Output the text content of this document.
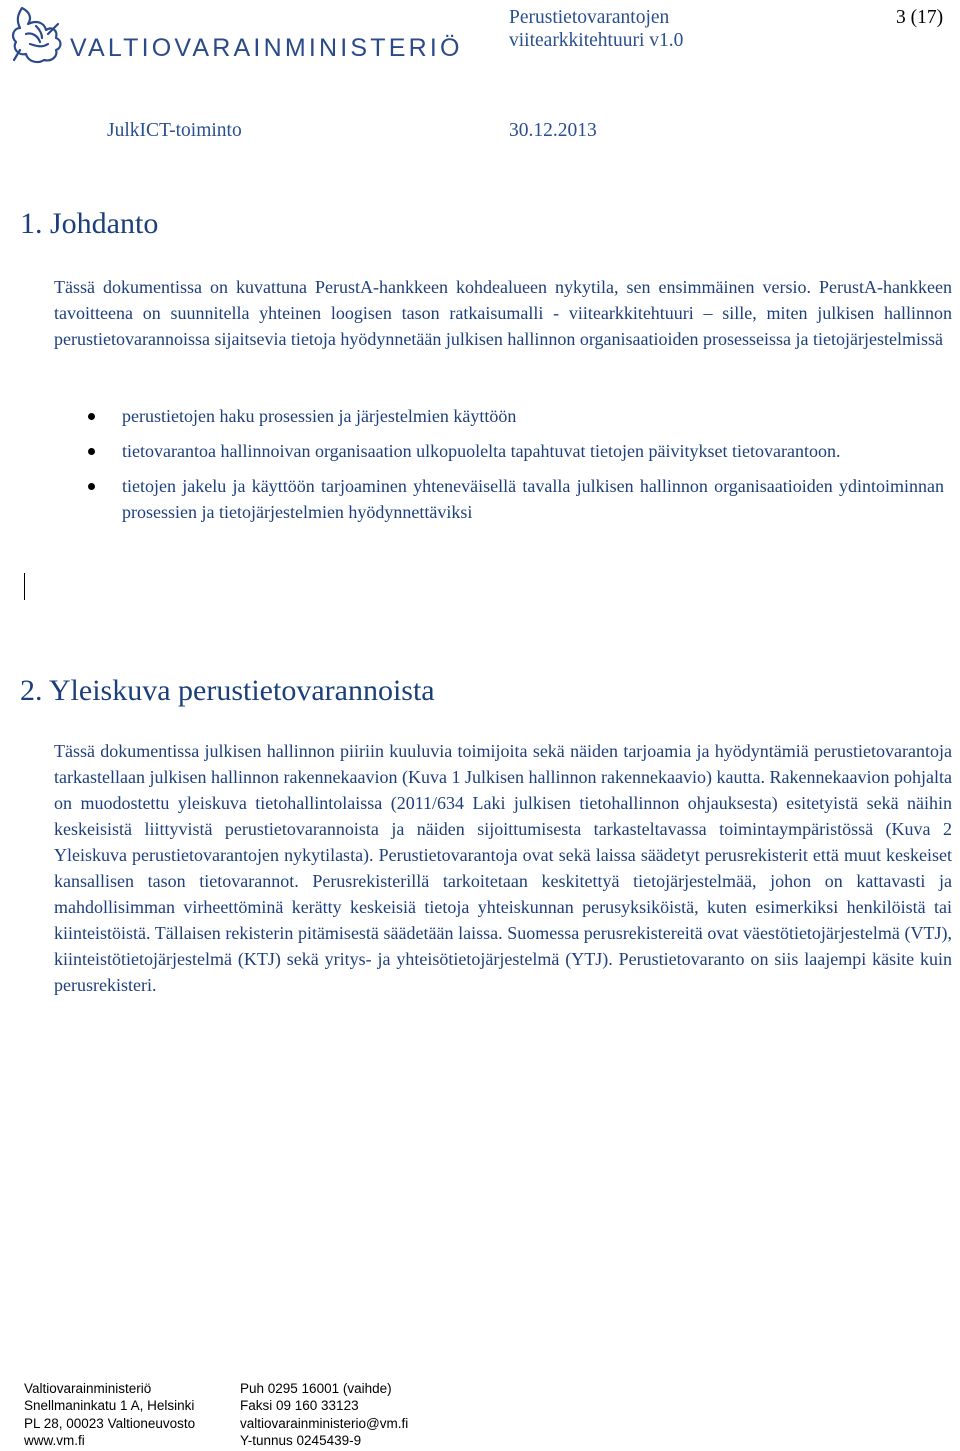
VALTIOVARAINMINISTERIÖ
Perustietovarantojen
viitearkkitehtuuri v1.0
3 (17)
JulkICT-toiminto	30.12.2013
1. Johdanto

Tässä dokumentissa on kuvattuna PerustA-hankkeen kohdealueen nykytila, sen ensimmäinen versio. PerustA-hankkeen tavoitteena on suunnitella yhteinen loogisen tason ratkaisumalli - viitearkkitehtuuri – sille, miten julkisen hallinnon perustietovarannoissa sijaitsevia tietoja hyödynnetään julkisen hallinnon organisaatioiden prosesseissa ja tietojärjestelmissä

perustietojen haku prosessien ja järjestelmien käyttöön
tietovarantoa hallinnoivan organisaation ulkopuolelta tapahtuvat tietojen päivitykset tietovarantoon.
tietojen jakelu ja käyttöön tarjoaminen yhteneväisellä tavalla julkisen hallinnon organisaatioiden ydintoiminnan prosessien ja tietojärjestelmien hyödynnettäviksi
2. Yleiskuva perustietovarannoista

Tässä dokumentissa julkisen hallinnon piiriin kuuluvia toimijoita sekä näiden tarjoamia ja hyödyntämiä perustietovarantoja tarkastellaan julkisen hallinnon rakennekaavion (Kuva 1 Julkisen hallinnon rakennekaavio) kautta. Rakennekaavion pohjalta on muodostettu yleiskuva tietohallintolaissa (2011/634 Laki julkisen tietohallinnon ohjauksesta) esitetyistä sekä näihin keskeisistä liittyvistä perustietovarannoista ja näiden sijoittumisesta tarkasteltavassa toimintaympäristössä (Kuva 2 Yleiskuva perustietovarantojen nykytilasta). Perustietovarantoja ovat sekä laissa säädetyt perusrekisterit että muut keskeiset kansallisen tason tietovarannot. Perusrekisterillä tarkoitetaan keskitettyä tietojärjestelmää, johon on kattavasti ja mahdollisimman virheettöminä kerätty keskeisiä tietoja yhteiskunnan perusyksiköistä, kuten esimerkiksi henkilöistä tai kiinteistöistä. Tällaisen rekisterin pitämisestä säädetään laissa. Suomessa perusrekistereitä ovat väestötietojärjestelmä (VTJ), kiinteistötietojärjestelmä (KTJ) sekä yritys- ja yhteisötietojärjestelmä (YTJ). Perustietovaranto on siis laajempi käsite kuin perusrekisteri.

Valtiovarainministeriö
Snellmaninkatu 1 A, Helsinki
PL 28, 00023 Valtioneuvosto
www.vm.fi
Puh 0295 16001 (vaihde)
Faksi 09 160 33123
valtiovarainministerio@vm.fi
Y-tunnus 0245439-9
